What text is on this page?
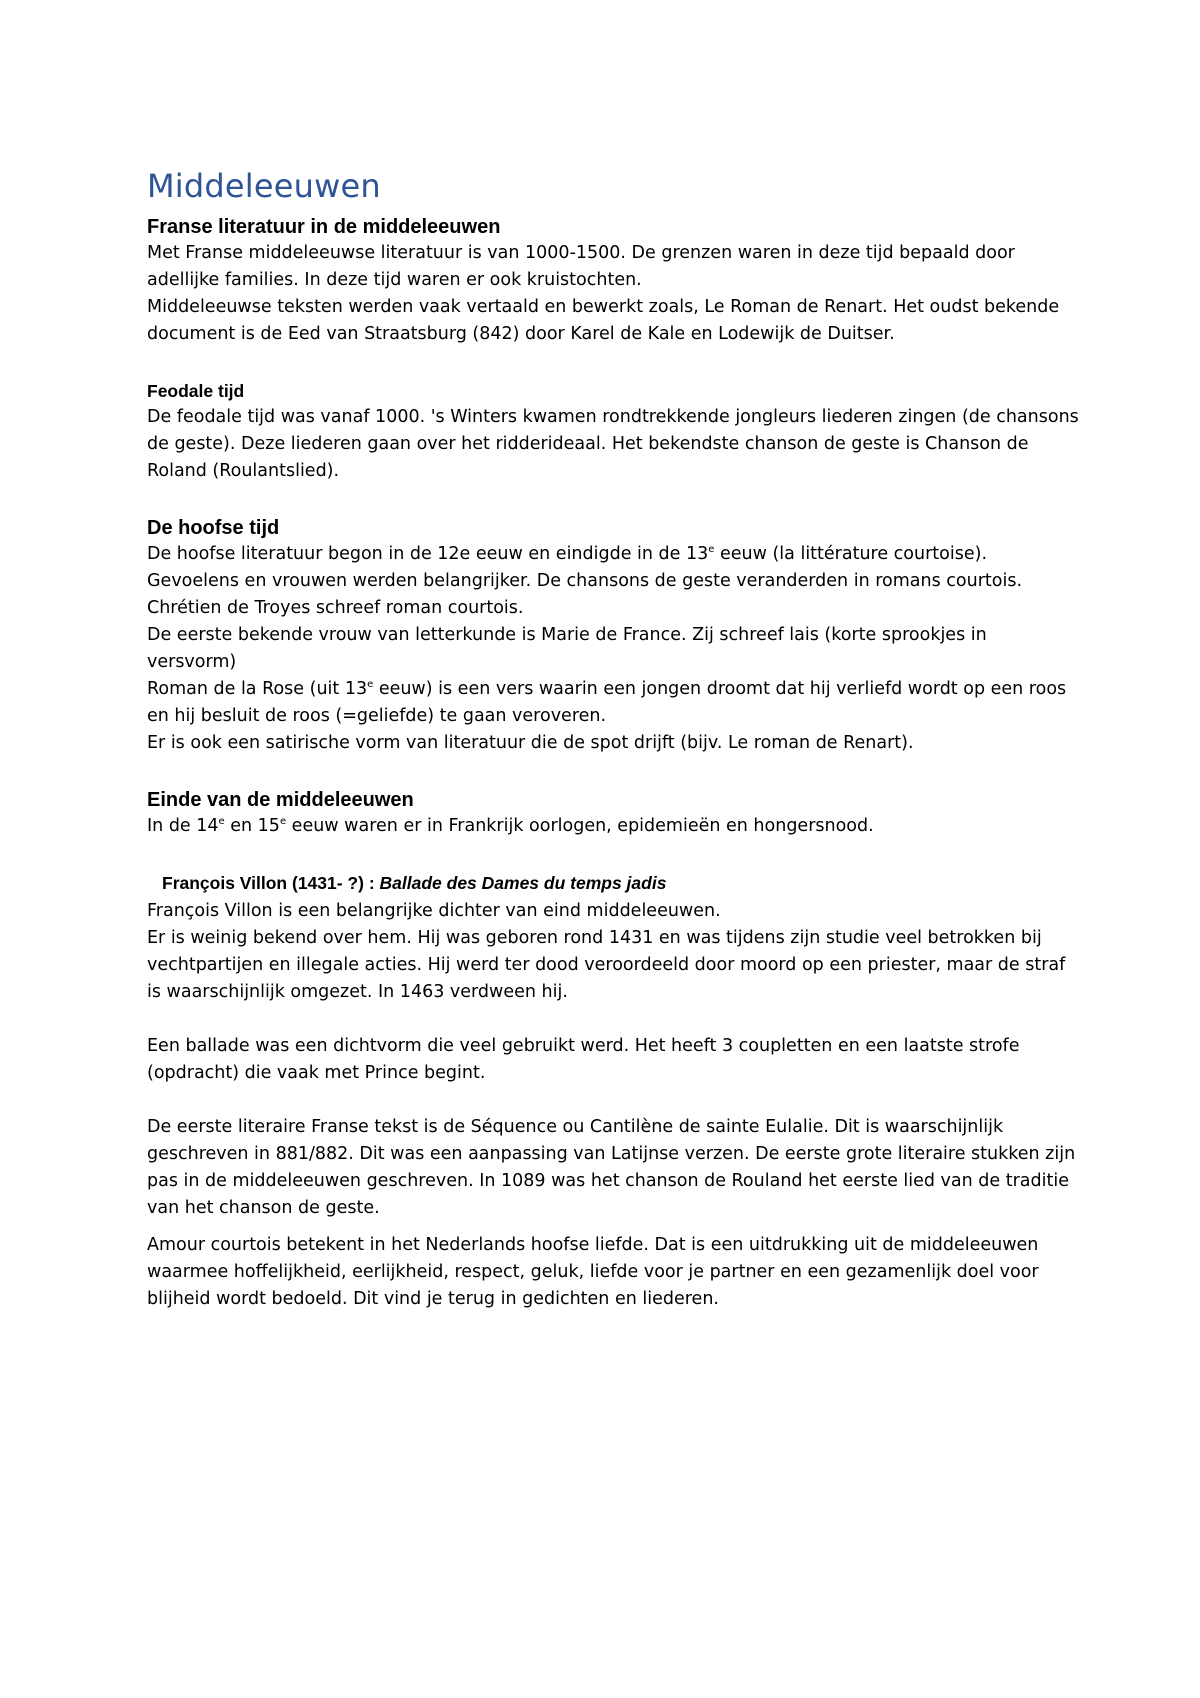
Middeleeuwen
Franse literatuur in de middeleeuwen
Met Franse middeleeuwse literatuur is van 1000-1500. De grenzen waren in deze tijd bepaald door adellijke families. In deze tijd waren er ook kruistochten.
Middeleeuwse teksten werden vaak vertaald en bewerkt zoals, Le Roman de Renart. Het oudst bekende document is de Eed van Straatsburg (842) door Karel de Kale en Lodewijk de Duitser.
Feodale tijd
De feodale tijd was vanaf 1000. 's Winters kwamen rondtrekkende jongleurs liederen zingen (de chansons de geste). Deze liederen gaan over het ridderideaal. Het bekendste chanson de geste is Chanson de Roland (Roulantslied).
De hoofse tijd
De hoofse literatuur begon in de 12e eeuw en eindigde in de 13e eeuw (la littérature courtoise).
Gevoelens en vrouwen werden belangrijker. De chansons de geste veranderden in romans courtois.
Chrétien de Troyes schreef roman courtois.
De eerste bekende vrouw van letterkunde is Marie de France. Zij schreef lais (korte sprookjes in versvorm)
Roman de la Rose (uit 13e eeuw) is een vers waarin een jongen droomt dat hij verliefd wordt op een roos en hij besluit de roos (=geliefde) te gaan veroveren.
Er is ook een satirische vorm van literatuur die de spot drijft (bijv. Le roman de Renart).
Einde van de middeleeuwen
In de 14e en 15e eeuw waren er in Frankrijk oorlogen, epidemieën en hongersnood.
François Villon (1431- ?) : Ballade des Dames du temps jadis
François Villon is een belangrijke dichter van eind middeleeuwen.
Er is weinig bekend over hem. Hij was geboren rond 1431 en was tijdens zijn studie veel betrokken bij vechtpartijen en illegale acties. Hij werd ter dood veroordeeld door moord op een priester, maar de straf is waarschijnlijk omgezet. In 1463 verdween hij.
Een ballade was een dichtvorm die veel gebruikt werd. Het heeft 3 coupletten en een laatste strofe (opdracht) die vaak met Prince begint.
De eerste literaire Franse tekst is de Séquence ou Cantilène de sainte Eulalie. Dit is waarschijnlijk geschreven in 881/882. Dit was een aanpassing van Latijnse verzen. De eerste grote literaire stukken zijn pas in de middeleeuwen geschreven. In 1089 was het chanson de Rouland het eerste lied van de traditie van het chanson de geste.
Amour courtois betekent in het Nederlands hoofse liefde. Dat is een uitdrukking uit de middeleeuwen waarmee hoffelijkheid, eerlijkheid, respect, geluk, liefde voor je partner en een gezamenlijk doel voor blijheid wordt bedoeld. Dit vind je terug in gedichten en liederen.
